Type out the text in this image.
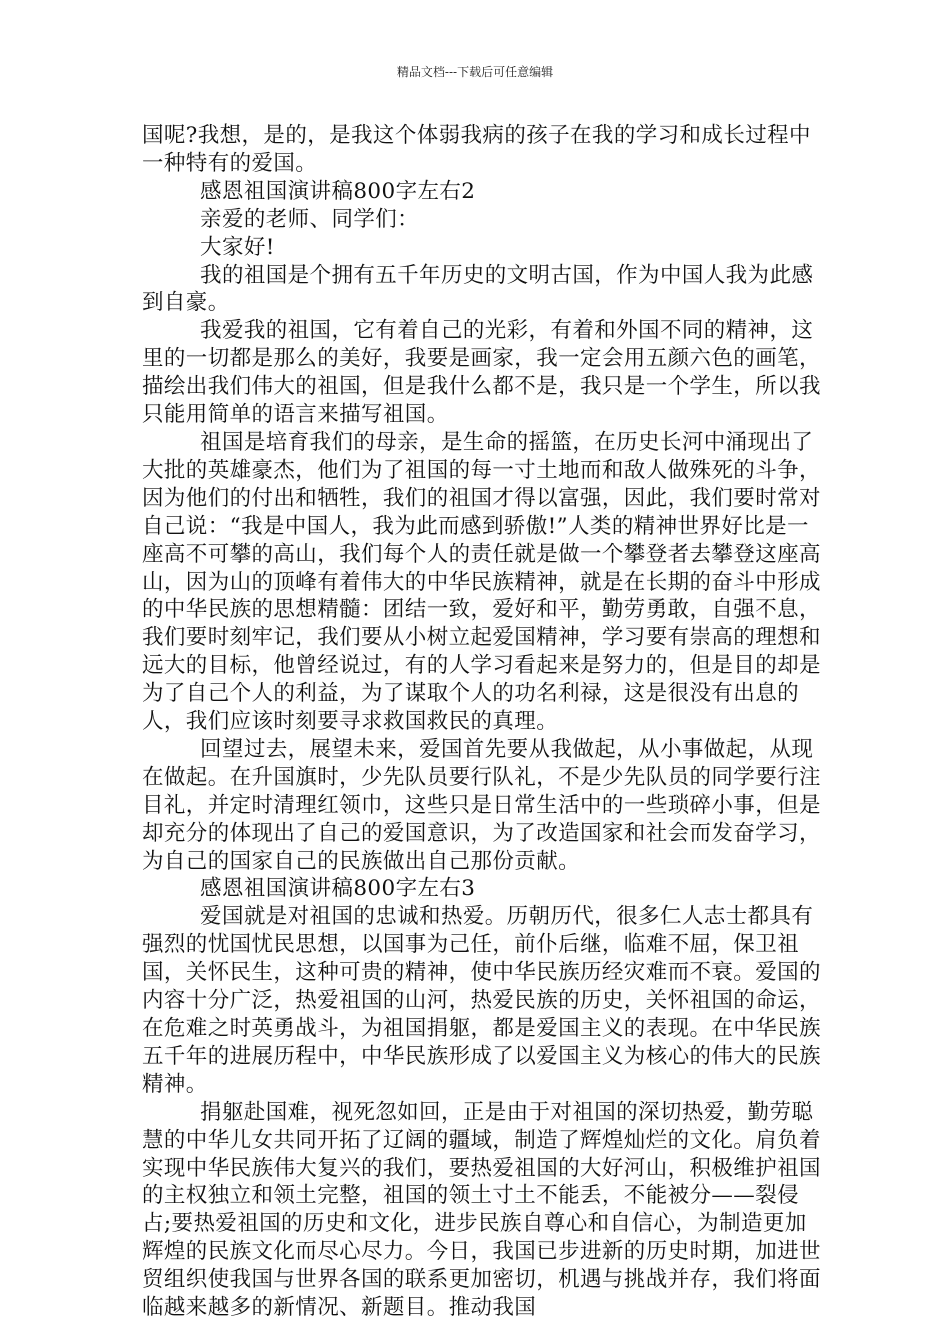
精品文档---下载后可任意编辑

国呢?我想，是的，是我这个体弱我病的孩子在我的学习和成长过程中一种特有的爱国。

感恩祖国演讲稿800字左右2

亲爱的老师、同学们：

大家好!

我的祖国是个拥有五千年历史的文明古国，作为中国人我为此感到自豪。

我爱我的祖国，它有着自己的光彩，有着和外国不同的精神，这里的一切都是那么的美好，我要是画家，我一定会用五颜六色的画笔，描绘出我们伟大的祖国，但是我什么都不是，我只是一个学生，所以我只能用简单的语言来描写祖国。

祖国是培育我们的母亲，是生命的摇篮，在历史长河中涌现出了大批的英雄豪杰，他们为了祖国的每一寸土地而和敌人做殊死的斗争，因为他们的付出和牺牲，我们的祖国才得以富强，因此，我们要时常对自己说：“我是中国人，我为此而感到骄傲!”人类的精神世界好比是一座高不可攀的高山，我们每个人的责任就是做一个攀登者去攀登这座高山，因为山的顶峰有着伟大的中华民族精神，就是在长期的奋斗中形成的中华民族的思想精髓：团结一致，爱好和平，勤劳勇敢，自强不息，我们要时刻牢记，我们要从小树立起爱国精神，学习要有崇高的理想和远大的目标，他曾经说过，有的人学习看起来是努力的，但是目的却是为了自己个人的利益，为了谋取个人的功名利禄，这是很没有出息的人，我们应该时刻要寻求救国救民的真理。

回望过去，展望未来，爱国首先要从我做起，从小事做起，从现在做起。在升国旗时，少先队员要行队礼，不是少先队员的同学要行注目礼，并定时清理红领巾，这些只是日常生活中的一些琐碎小事，但是却充分的体现出了自己的爱国意识，为了改造国家和社会而发奋学习，为自己的国家自己的民族做出自己那份贡献。

感恩祖国演讲稿800字左右3

爱国就是对祖国的忠诚和热爱。历朝历代，很多仁人志士都具有强烈的忧国忧民思想，以国事为己任，前仆后继，临难不屈，保卫祖国，关怀民生，这种可贵的精神，使中华民族历经灾难而不衰。爱国的内容十分广泛，热爱祖国的山河，热爱民族的历史，关怀祖国的命运，在危难之时英勇战斗，为祖国捐躯，都是爱国主义的表现。在中华民族五千年的进展历程中，中华民族形成了以爱国主义为核心的伟大的民族精神。

捐躯赴国难，视死忽如回，正是由于对祖国的深切热爱，勤劳聪慧的中华儿女共同开拓了辽阔的疆域，制造了辉煌灿烂的文化。肩负着实现中华民族伟大复兴的我们，要热爱祖国的大好河山，积极维护祖国的主权独立和领土完整，祖国的领土寸土不能丢，不能被分——裂侵占;要热爱祖国的历史和文化，进步民族自尊心和自信心，为制造更加辉煌的民族文化而尽心尽力。今日，我国已步进新的历史时期，加进世贸组织使我国与世界各国的联系更加密切，机遇与挑战并存，我们将面临越来越多的新情况、新题目。推动我国
